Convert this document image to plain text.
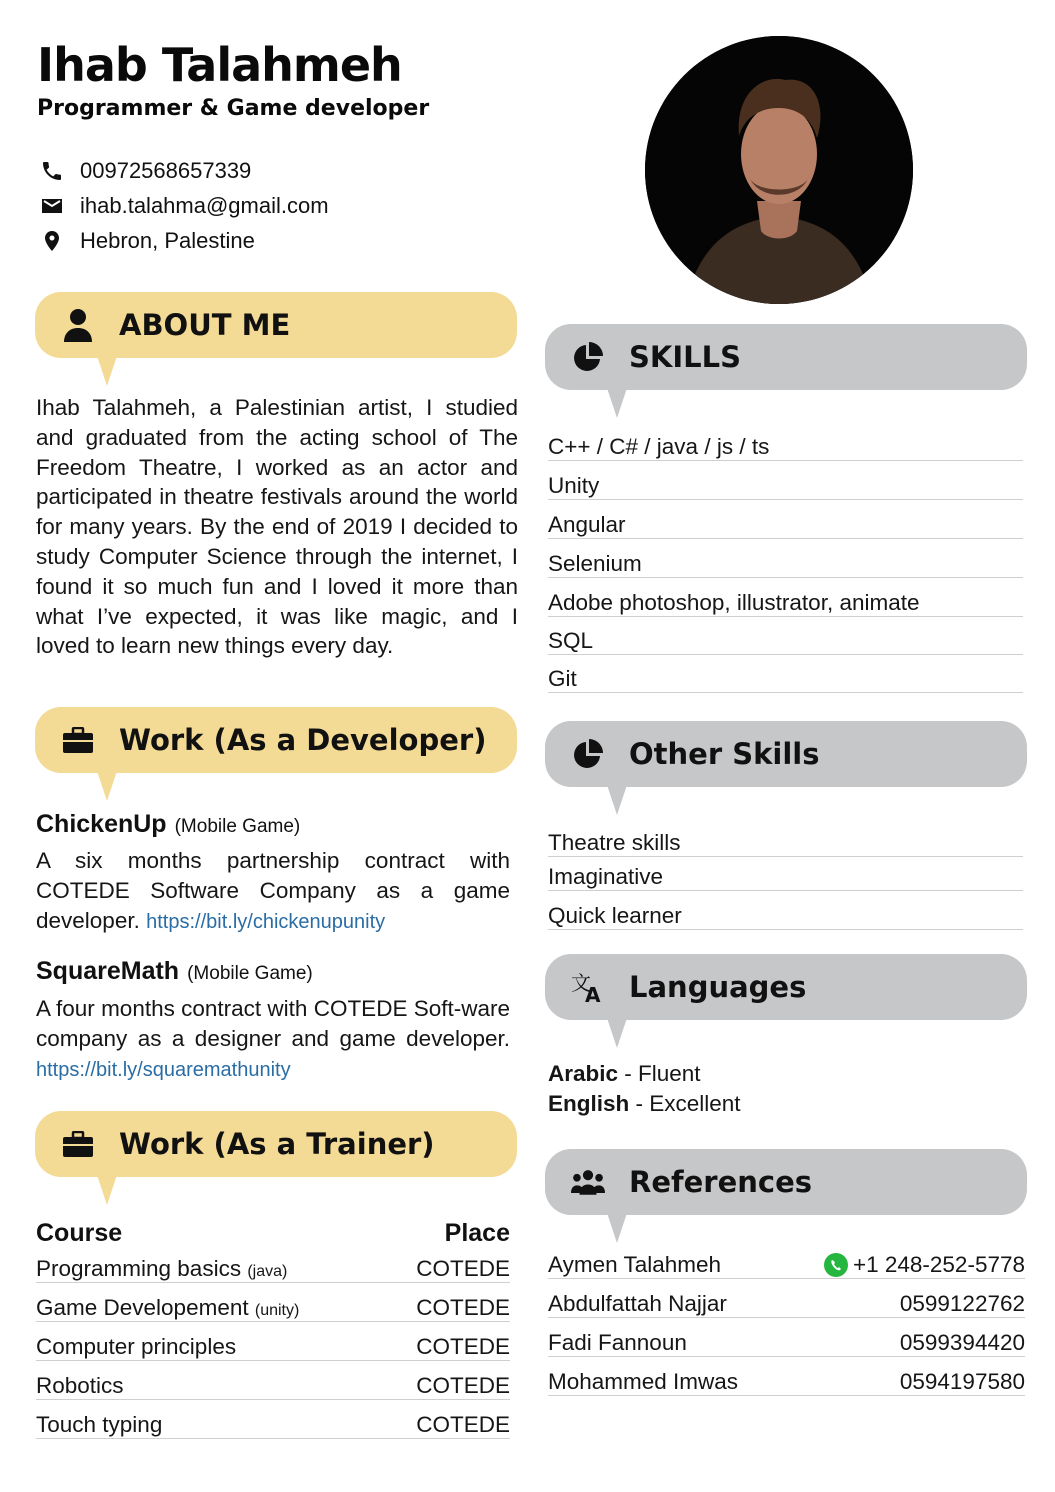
Ihab Talahmeh
Programmer & Game developer
00972568657339
ihab.talahma@gmail.com
Hebron, Palestine
ABOUT ME
Ihab Talahmeh, a Palestinian artist, I studied and graduated from the acting school of The Freedom Theatre, I worked as an actor and participated in theatre festivals around the world for many years. By the end of 2019 I decided to study Computer Science through the internet, I found it so much fun and I loved it more than what I’ve expected, it was like magic, and I loved to learn new things every day.
Work (As a Developer)
ChickenUp (Mobile Game)
A six months partnership contract with COTEDE Software Company as a game developer. https://bit.ly/chickenupunity
SquareMath (Mobile Game)
A four months contract with COTEDE Soft-ware company as a designer and game developer. https://bit.ly/squaremathunity
Work (As a Trainer)
Course	Place
Programming basics (java)	COTEDE
Game Developement (unity)	COTEDE
Computer principles	COTEDE
Robotics	COTEDE
Touch typing	COTEDE
SKILLS
C++ / C# / java / js / ts
Unity
Angular
Selenium
Adobe photoshop, illustrator, animate
SQL
Git
Other Skills
Theatre skills
Imaginative
Quick learner
文
A Languages
Arabic - Fluent
English - Excellent
References
Aymen Talahmeh	+1 248-252-5778
Abdulfattah Najjar	0599122762
Fadi Fannoun	0599394420
Mohammed Imwas	0594197580
